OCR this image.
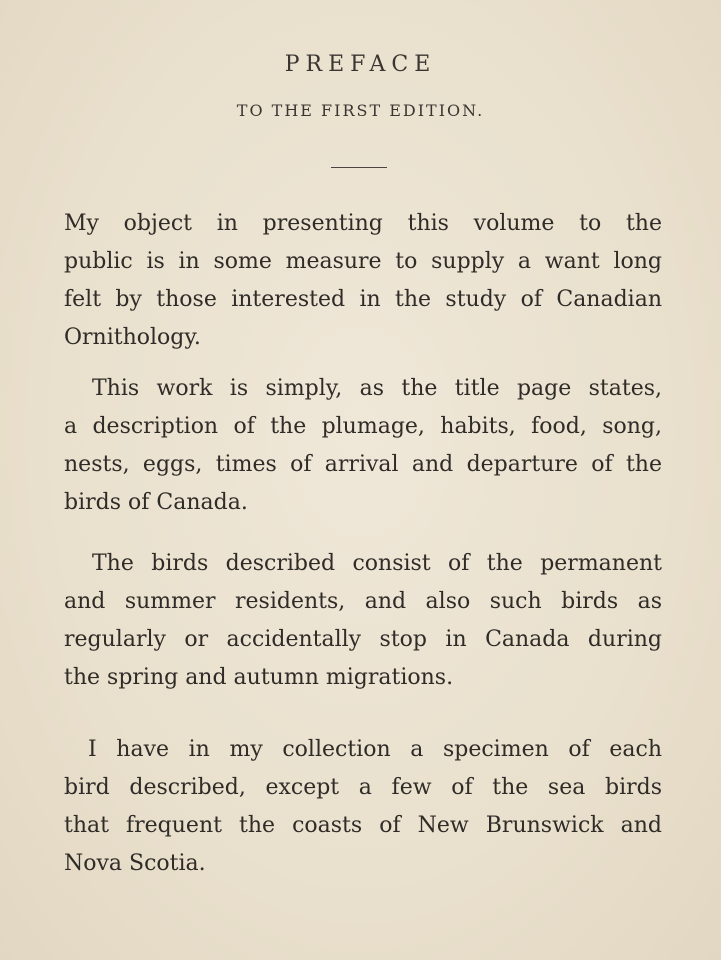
PREFACE
TO THE FIRST EDITION.

My object in presenting this volume to the
public is in some measure to supply a want long
felt by those interested in the study of Canadian
Ornithology.

This work is simply, as the title page states,
a description of the plumage, habits, food, song,
nests, eggs, times of arrival and departure of the
birds of Canada.

The birds described consist of the permanent
and summer residents, and also such birds as
regularly or accidentally stop in Canada during
the spring and autumn migrations.

I have in my collection a specimen of each
bird described, except a few of the sea birds
that frequent the coasts of New Brunswick and
Nova Scotia.
